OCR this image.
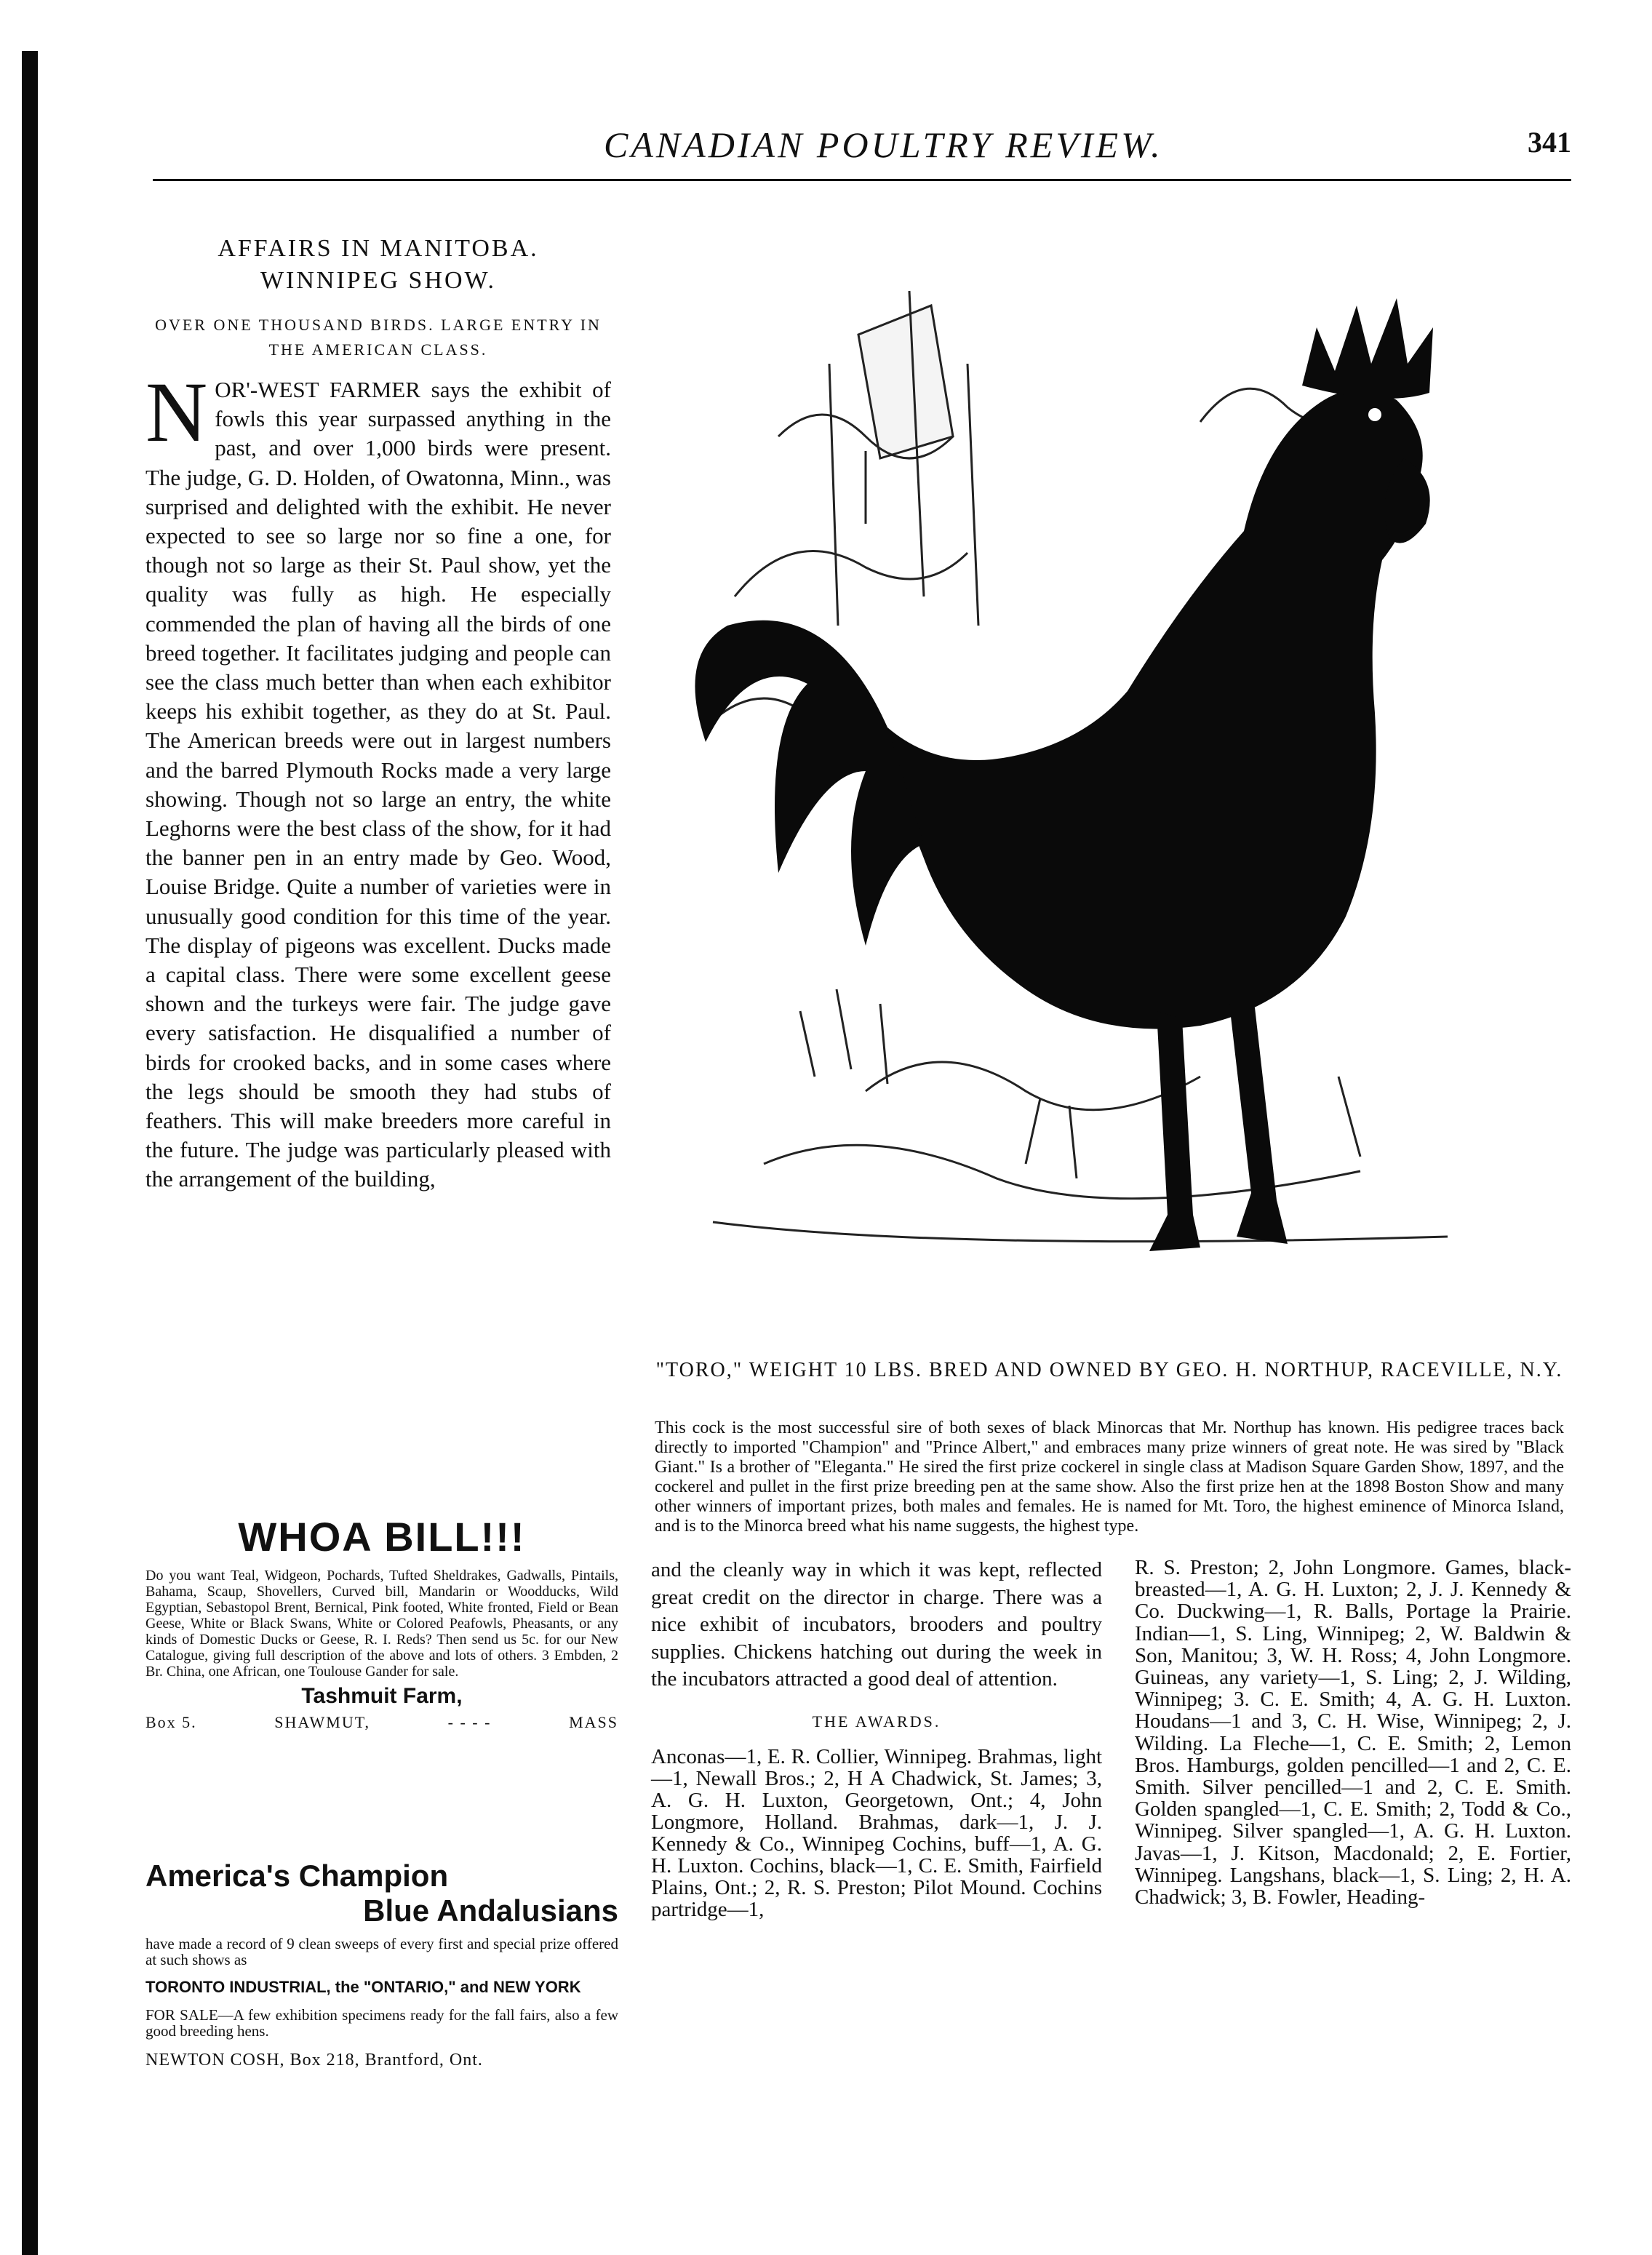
CANADIAN POULTRY REVIEW.	341
AFFAIRS IN MANITOBA. WINNIPEG SHOW.
OVER ONE THOUSAND BIRDS. LARGE ENTRY IN THE AMERICAN CLASS.

NOR'-WEST FARMER says the exhibit of fowls this year surpassed anything in the past, and over 1,000 birds were present. The judge, G. D. Holden, of Owatonna, Minn., was surprised and delighted with the exhibit. He never expected to see so large nor so fine a one, for though not so large as their St. Paul show, yet the quality was fully as high. He especially commended the plan of having all the birds of one breed together. It facilitates judging and people can see the class much better than when each exhibitor keeps his exhibit together, as they do at St. Paul. The American breeds were out in largest numbers and the barred Plymouth Rocks made a very large showing. Though not so large an entry, the white Leghorns were the best class of the show, for it had the banner pen in an entry made by Geo. Wood, Louise Bridge. Quite a number of varieties were in unusually good condition for this time of the year. The display of pigeons was excellent. Ducks made a capital class. There were some excellent geese shown and the turkeys were fair. The judge gave every satisfaction. He disqualified a number of birds for crooked backs, and in some cases where the legs should be smooth they had stubs of feathers. This will make breeders more careful in the future. The judge was particularly pleased with the arrangement of the building,

"TORO," WEIGHT 10 LBS. BRED AND OWNED BY GEO. H. NORTHUP, RACEVILLE, N.Y.
This cock is the most successful sire of both sexes of black Minorcas that Mr. Northup has known. His pedigree traces back directly to imported "Champion" and "Prince Albert," and embraces many prize winners of great note. He was sired by "Black Giant." Is a brother of "Eleganta." He sired the first prize cockerel in single class at Madison Square Garden Show, 1897, and the cockerel and pullet in the first prize breeding pen at the same show. Also the first prize hen at the 1898 Boston Show and many other winners of important prizes, both males and females. He is named for Mt. Toro, the highest eminence of Minorca Island, and is to the Minorca breed what his name suggests, the highest type.
WHOA BILL!!!

Do you want Teal, Widgeon, Pochards, Tufted Sheldrakes, Gadwalls, Pintails, Bahama, Scaup, Shovellers, Curved bill, Mandarin or Woodducks, Wild Egyptian, Sebastopol Brent, Bernical, Pink footed, White fronted, Field or Bean Geese, White or Black Swans, White or Colored Peafowls, Pheasants, or any kinds of Domestic Ducks or Geese, R. I. Reds? Then send us 5c. for our New Catalogue, giving full description of the above and lots of others. 3 Embden, 2 Br. China, one African, one Toulouse Gander for sale.

Tashmuit Farm,
Box 5.	SHAWMUT,	- - - -	MASS
America's Champion
Blue Andalusians

have made a record of 9 clean sweeps of every first and special prize offered at such shows as

TORONTO INDUSTRIAL, the "ONTARIO," and NEW YORK

FOR SALE—A few exhibition specimens ready for the fall fairs, also a few good breeding hens.

NEWTON COSH, Box 218, Brantford, Ont.

and the cleanly way in which it was kept, reflected great credit on the director in charge. There was a nice exhibit of incubators, brooders and poultry supplies. Chickens hatching out during the week in the incubators attracted a good deal of attention.

THE AWARDS.

Anconas—1, E. R. Collier, Winnipeg. Brahmas, light—1, Newall Bros.; 2, H A Chadwick, St. James; 3, A. G. H. Luxton, Georgetown, Ont.; 4, John Longmore, Holland. Brahmas, dark—1, J. J. Kennedy & Co., Winnipeg Cochins, buff—1, A. G. H. Luxton. Cochins, black—1, C. E. Smith, Fairfield Plains, Ont.; 2, R. S. Preston; Pilot Mound. Cochins partridge—1,

R. S. Preston; 2, John Longmore. Games, black-breasted—1, A. G. H. Luxton; 2, J. J. Kennedy & Co. Duckwing—1, R. Balls, Portage la Prairie. Indian—1, S. Ling, Winnipeg; 2, W. Baldwin & Son, Manitou; 3, W. H. Ross; 4, John Longmore. Guineas, any variety—1, S. Ling; 2, J. Wilding, Winnipeg; 3. C. E. Smith; 4, A. G. H. Luxton. Houdans—1 and 3, C. H. Wise, Winnipeg; 2, J. Wilding. La Fleche—1, C. E. Smith; 2, Lemon Bros. Hamburgs, golden pencilled—1 and 2, C. E. Smith. Silver pencilled—1 and 2, C. E. Smith. Golden spangled—1, C. E. Smith; 2, Todd & Co., Winnipeg. Silver spangled—1, A. G. H. Luxton. Javas—1, J. Kitson, Macdonald; 2, E. Fortier, Winnipeg. Langshans, black—1, S. Ling; 2, H. A. Chadwick; 3, B. Fowler, Heading-
